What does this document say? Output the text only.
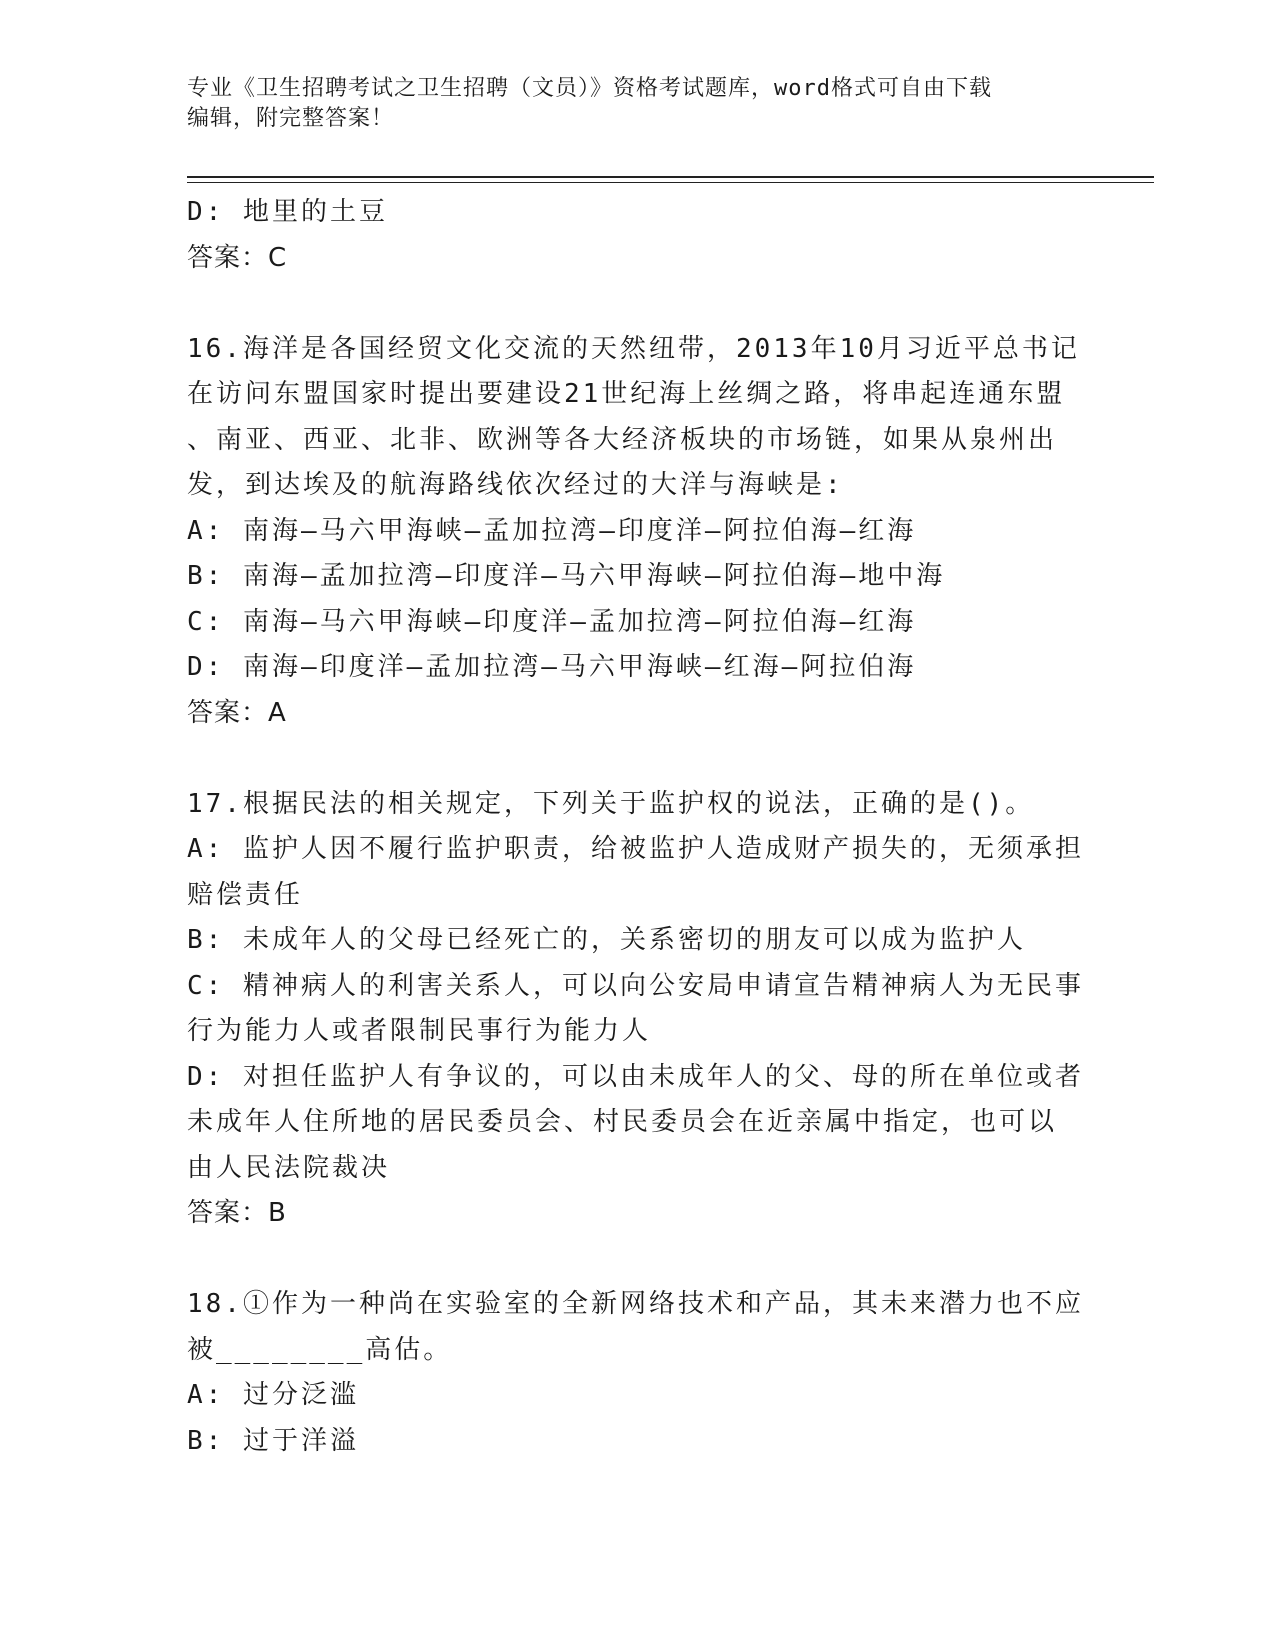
专业《卫生招聘考试之卫生招聘（文员）》资格考试题库，word格式可自由下载
编辑，附完整答案！
D: 地里的土豆
答案：C
16.海洋是各国经贸文化交流的天然纽带，2013年10月习近平总书记
在访问东盟国家时提出要建设21世纪海上丝绸之路，将串起连通东盟
、南亚、西亚、北非、欧洲等各大经济板块的市场链，如果从泉州出
发，到达埃及的航海路线依次经过的大洋与海峡是:
A: 南海—马六甲海峡—孟加拉湾—印度洋—阿拉伯海—红海
B: 南海—孟加拉湾—印度洋—马六甲海峡—阿拉伯海—地中海
C: 南海—马六甲海峡—印度洋—孟加拉湾—阿拉伯海—红海
D: 南海—印度洋—孟加拉湾—马六甲海峡—红海—阿拉伯海
答案：A
17.根据民法的相关规定，下列关于监护权的说法，正确的是()。
A: 监护人因不履行监护职责，给被监护人造成财产损失的，无须承担
赔偿责任
B: 未成年人的父母已经死亡的，关系密切的朋友可以成为监护人
C: 精神病人的利害关系人，可以向公安局申请宣告精神病人为无民事
行为能力人或者限制民事行为能力人
D: 对担任监护人有争议的，可以由未成年人的父、母的所在单位或者
未成年人住所地的居民委员会、村民委员会在近亲属中指定，也可以
由人民法院裁决
答案：B
18.①作为一种尚在实验室的全新网络技术和产品，其未来潜力也不应
被________高估。
A: 过分泛滥
B: 过于洋溢
